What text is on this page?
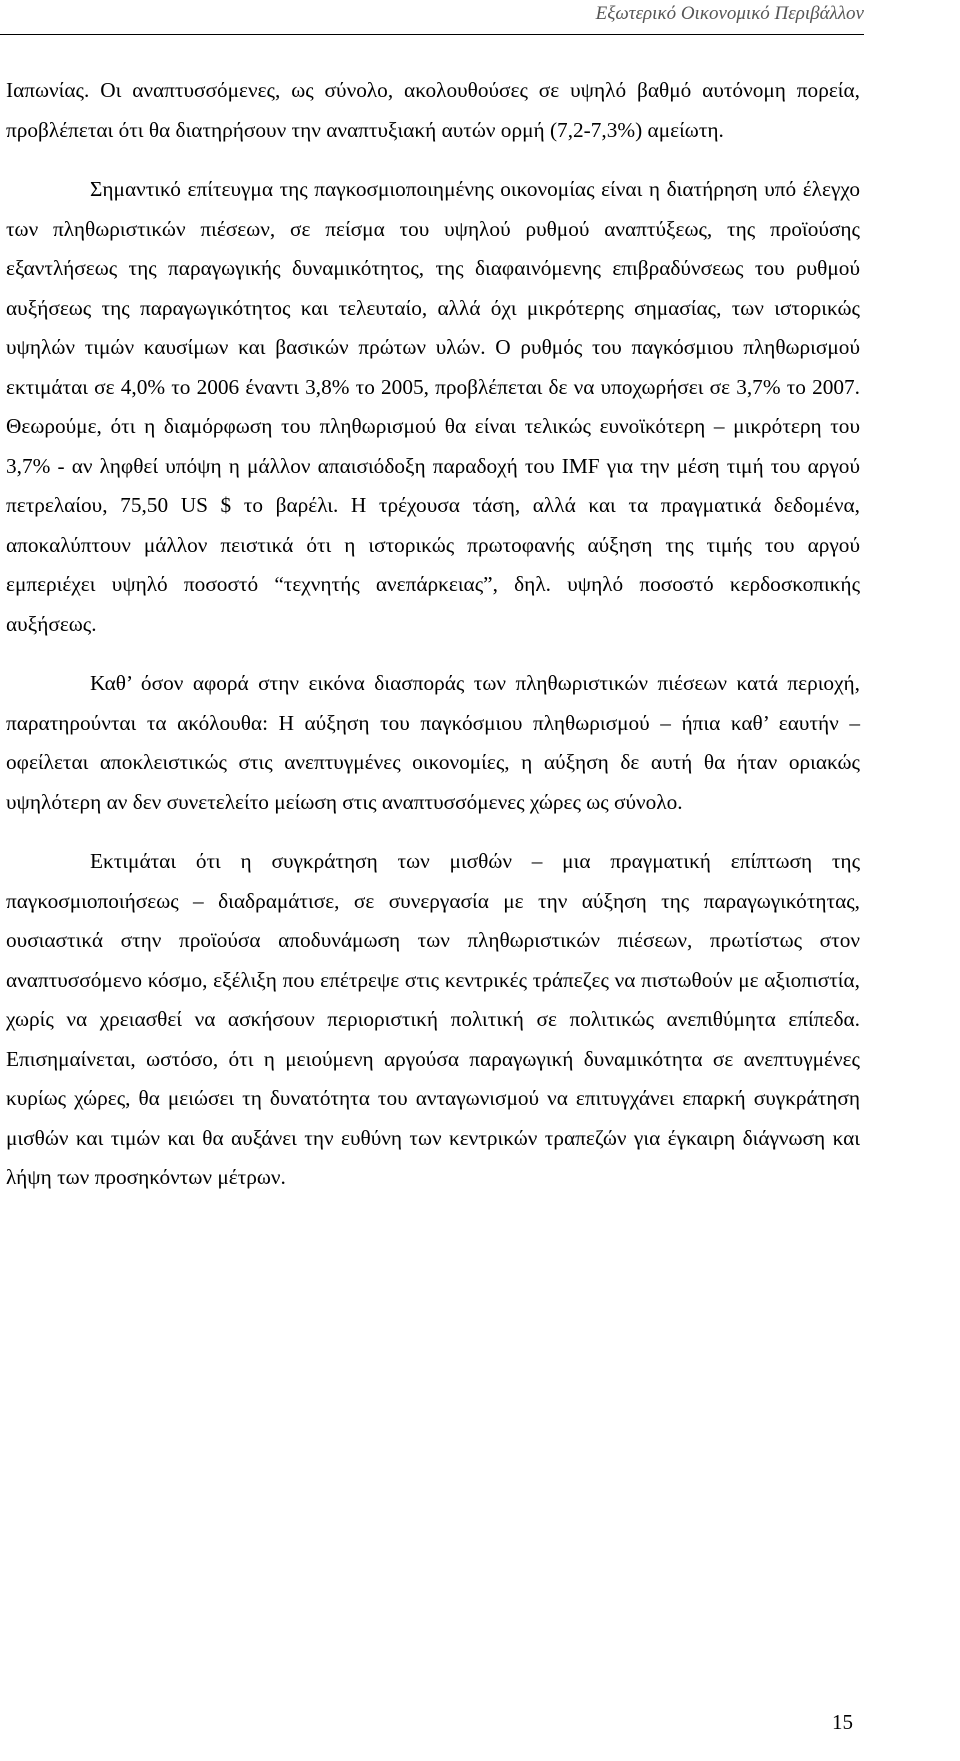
Εξωτερικό Οικονομικό Περιβάλλον

Ιαπωνίας. Οι αναπτυσσόμενες, ως σύνολο, ακολουθούσες σε υψηλό βαθμό αυτόνομη πορεία, προβλέπεται ότι θα διατηρήσουν την αναπτυξιακή αυτών ορμή (7,2-7,3%) αμείωτη.

Σημαντικό επίτευγμα της παγκοσμιοποιημένης οικονομίας είναι η διατήρηση υπό έλεγχο των πληθωριστικών πιέσεων, σε πείσμα του υψηλού ρυθμού αναπτύξεως, της προϊούσης εξαντλήσεως της παραγωγικής δυναμικότητος, της διαφαινόμενης επιβραδύνσεως του ρυθμού αυξήσεως της παραγωγικότητος και τελευταίο, αλλά όχι μικρότερης σημασίας, των ιστορικώς υψηλών τιμών καυσίμων και βασικών πρώτων υλών. Ο ρυθμός του παγκόσμιου πληθωρισμού εκτιμάται σε 4,0% το 2006 έναντι 3,8% το 2005, προβλέπεται δε να υποχωρήσει σε 3,7% το 2007. Θεωρούμε, ότι η διαμόρφωση του πληθωρισμού θα είναι τελικώς ευνοϊκότερη – μικρότερη του 3,7% - αν ληφθεί υπόψη η μάλλον απαισιόδοξη παραδοχή του IMF για την μέση τιμή του αργού πετρελαίου, 75,50 US $ το βαρέλι. Η τρέχουσα τάση, αλλά και τα πραγματικά δεδομένα, αποκαλύπτουν μάλλον πειστικά ότι η ιστορικώς πρωτοφανής αύξηση της τιμής του αργού εμπεριέχει υψηλό ποσοστό “τεχνητής ανεπάρκειας”, δηλ. υψηλό ποσοστό κερδοσκοπικής αυξήσεως.

Καθ’ όσον αφορά στην εικόνα διασποράς των πληθωριστικών πιέσεων κατά περιοχή, παρατηρούνται τα ακόλουθα: Η αύξηση του παγκόσμιου πληθωρισμού – ήπια καθ’ εαυτήν – οφείλεται αποκλειστικώς στις ανεπτυγμένες οικονομίες, η αύξηση δε αυτή θα ήταν οριακώς υψηλότερη αν δεν συνετελείτο μείωση στις αναπτυσσόμενες χώρες ως σύνολο.

Εκτιμάται ότι η συγκράτηση των μισθών – μια πραγματική επίπτωση της παγκοσμιοποιήσεως – διαδραμάτισε, σε συνεργασία με την αύξηση της παραγωγικότητας, ουσιαστικά στην προϊούσα αποδυνάμωση των πληθωριστικών πιέσεων, πρωτίστως στον αναπτυσσόμενο κόσμο, εξέλιξη που επέτρεψε στις κεντρικές τράπεζες να πιστωθούν με αξιοπιστία, χωρίς να χρειασθεί να ασκήσουν περιοριστική πολιτική σε πολιτικώς ανεπιθύμητα επίπεδα. Επισημαίνεται, ωστόσο, ότι η μειούμενη αργούσα παραγωγική δυναμικότητα σε ανεπτυγμένες κυρίως χώρες, θα μειώσει τη δυνατότητα του ανταγωνισμού να επιτυγχάνει επαρκή συγκράτηση μισθών και τιμών και θα αυξάνει την ευθύνη των κεντρικών τραπεζών για έγκαιρη διάγνωση και λήψη των προσηκόντων μέτρων.

15
